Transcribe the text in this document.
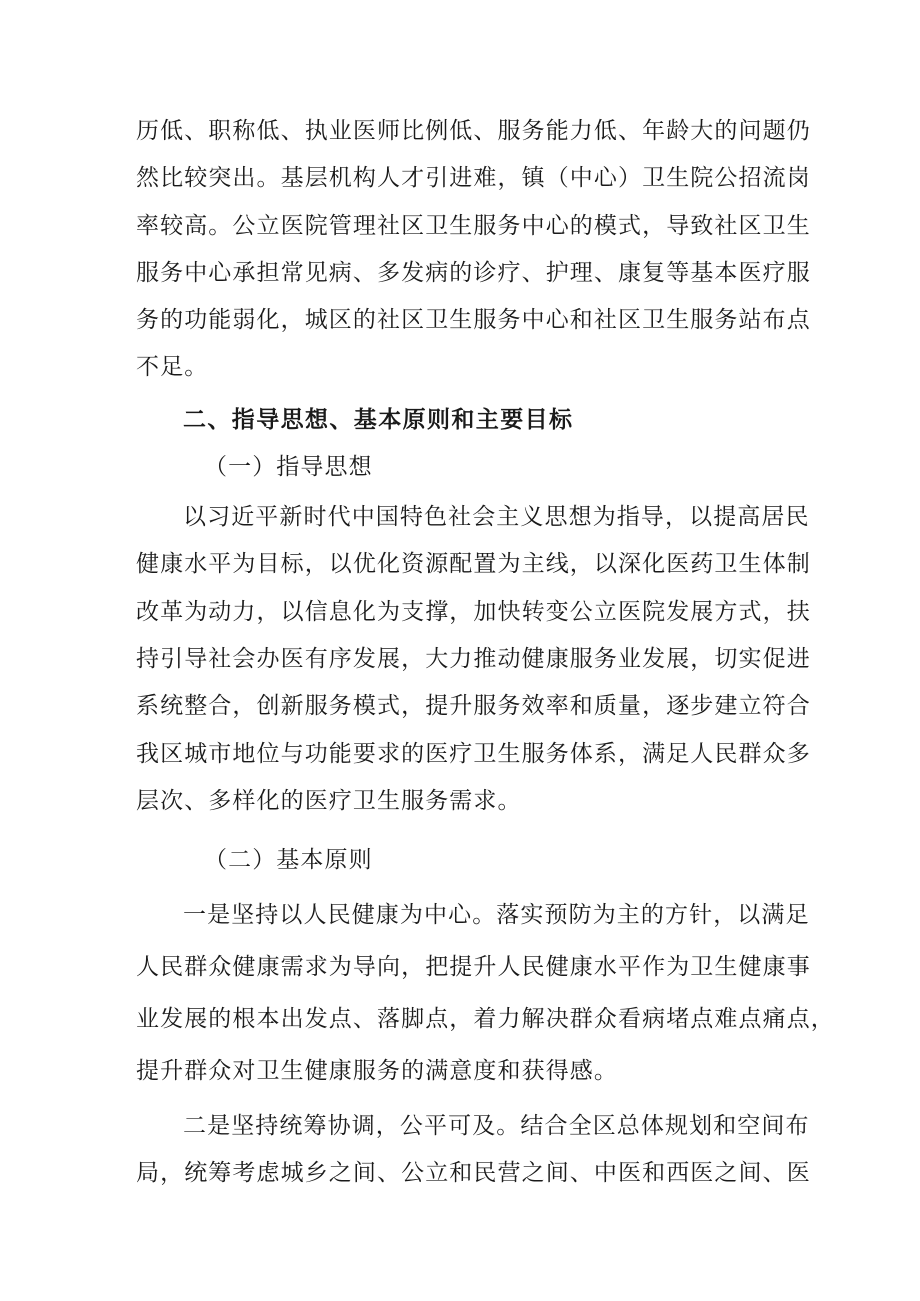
历低、职称低、执业医师比例低、服务能力低、年龄大的问题仍
然比较突出。基层机构人才引进难，镇（中心）卫生院公招流岗
率较高。公立医院管理社区卫生服务中心的模式，导致社区卫生
服务中心承担常见病、多发病的诊疗、护理、康复等基本医疗服
务的功能弱化，城区的社区卫生服务中心和社区卫生服务站布点
不足。
二、指导思想、基本原则和主要目标
（一）指导思想
以习近平新时代中国特色社会主义思想为指导，以提高居民
健康水平为目标，以优化资源配置为主线，以深化医药卫生体制
改革为动力，以信息化为支撑，加快转变公立医院发展方式，扶
持引导社会办医有序发展，大力推动健康服务业发展，切实促进
系统整合，创新服务模式，提升服务效率和质量，逐步建立符合
我区城市地位与功能要求的医疗卫生服务体系，满足人民群众多
层次、多样化的医疗卫生服务需求。
（二）基本原则
一是坚持以人民健康为中心。落实预防为主的方针，以满足
人民群众健康需求为导向，把提升人民健康水平作为卫生健康事
业发展的根本出发点、落脚点，着力解决群众看病堵点难点痛点，
提升群众对卫生健康服务的满意度和获得感。
二是坚持统筹协调，公平可及。结合全区总体规划和空间布
局，统筹考虑城乡之间、公立和民营之间、中医和西医之间、医
